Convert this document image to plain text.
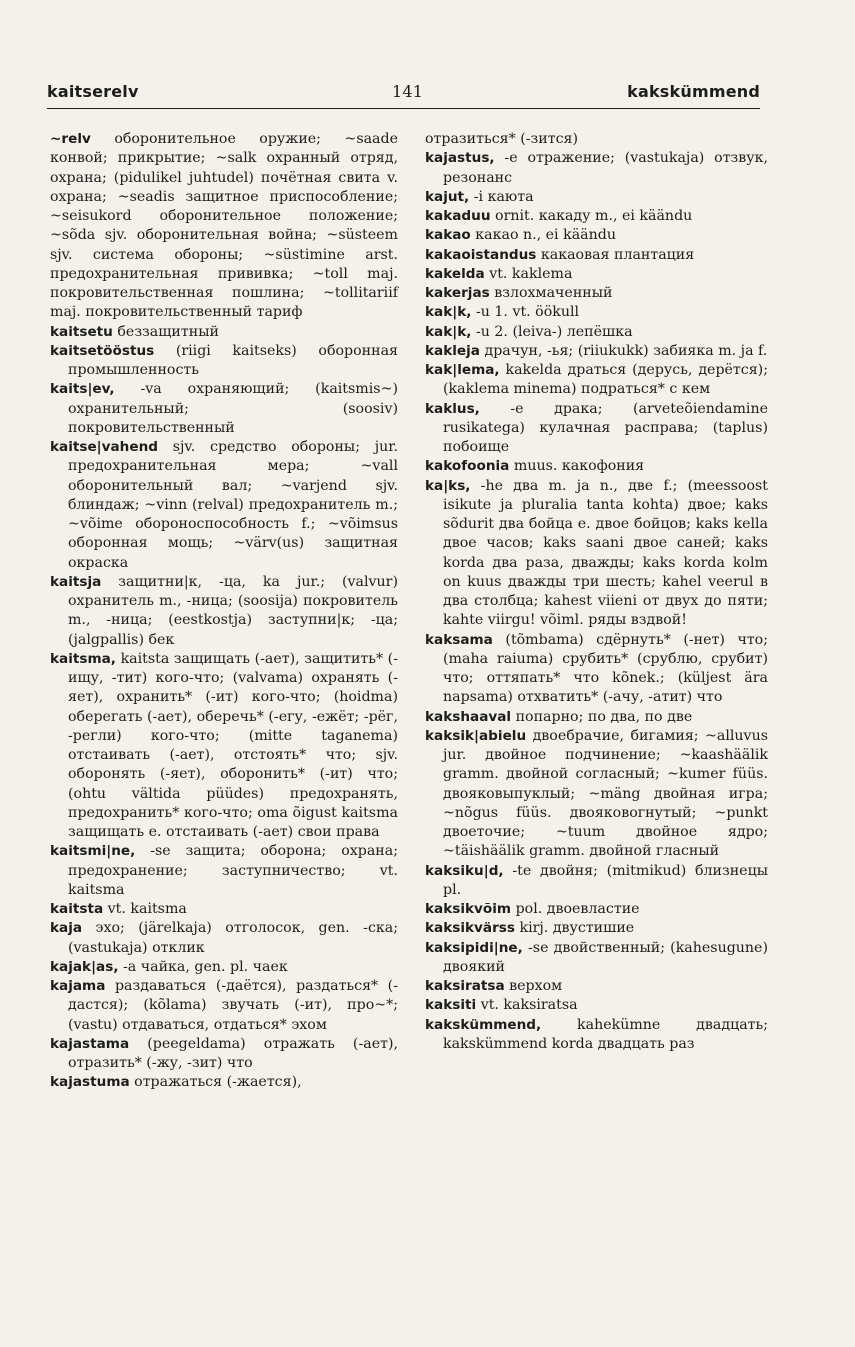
kaitserelv	141	kakskümmend

~relv оборонительное оружие; ~saade конвой; прикрытие; ~salk охранный отряд, охрана; (pidulikel juhtudel) почётная свита v. охрана; ~seadis защитное приспособление; ~seisukord оборонительное положение; ~sõda sjv. оборонительная война; ~süsteem sjv. система обороны; ~süstimine arst. предохранительная прививка; ~toll maj. покровительственная пошлина; ~tollitariif maj. покровительственный тариф

kaitsetu беззащитный

kaitsetööstus (riigi kaitseks) оборонная промышленность

kaits|ev, -va охраняющий; (kaitsmis~) охранительный; (soosiv) покровительственный

kaitse|vahend sjv. средство обороны; jur. предохранительная мера; ~vall оборонительный вал; ~varjend sjv. блиндаж; ~vinn (relval) предохранитель m.; ~võime обороноспособность f.; ~võimsus оборонная мощь; ~värv(us) защитная окраска

kaitsja защитни|к, -ца, ka jur.; (valvur) охранитель m., -ница; (soosija) покровитель m., -ница; (eestkostja) заступни|к; -ца; (jalgpallis) бек

kaitsma, kaitsta защищать (-ает), защитить* (-ищу, -тит) кого-что; (valvama) охранять (-яет), охранить* (-ит) кого-что; (hoidma) оберегать (-ает), оберечь* (-егу, -ежёт; -рёг, -регли) кого-что; (mitte taganema) отстаивать (-ает), отстоять* что; sjv. оборонять (-яет), оборонить* (-ит) что; (ohtu vältida püüdes) предохранять, предохранить* кого-что; oma õigust kaitsma защищать e. отстаивать (-ает) свои права

kaitsmi|ne, -se защита; оборона; охрана; предохранение; заступничество; vt. kaitsma

kaitsta vt. kaitsma

kaja эхо; (järelkaja) отголосок, gen. -ска; (vastukaja) отклик

kajak|as, -a чайка, gen. pl. чаек

kajama раздаваться (-даётся), раздаться* (-дастся); (kõlama) звучать (-ит), про~*; (vastu) отдаваться, отдаться* эхом

kajastama (peegeldama) отражать (-ает), отразить* (-жу, -зит) что

kajastuma отражаться (-жается),

отразиться* (-зится)

kajastus, -e отражение; (vastukaja) отзвук, резонанс

kajut, -i каюта

kakaduu ornit. какаду m., ei käändu

kakao какао n., ei käändu

kakaoistandus какаовая плантация

kakelda vt. kaklema

kakerjas взлохмаченный

kak|k, -u 1. vt. öökull

kak|k, -u 2. (leiva-) лепёшка

kakleja драчун, -ья; (riiukukk) забияка m. ja f.

kak|lema, kakelda драться (дерусь, дерётся); (kaklema minema) подраться* с кем

kaklus, -e драка; (arveteõiendamine rusikatega) кулачная расправа; (taplus) побоище

kakofoonia muus. какофония

ka|ks, -he два m. ja n., две f.; (meessoost isikute ja pluralia tanta kohta) двое; kaks sõdurit два бойца e. двое бойцов; kaks kella двое часов; kaks saani двое саней; kaks korda два раза, дважды; kaks korda kolm on kuus дважды три шесть; kahel veerul в два столбца; kahest viieni от двух до пяти; kahte viirgu! võiml. ряды вздвой!

kaksama (tõmbama) сдёрнуть* (-нет) что; (maha raiuma) срубить* (срублю, срубит) что; оттяпать* что kõnek.; (küljest ära napsama) отхватить* (-ачу, -атит) что

kakshaaval попарно; по два, по две

kaksik|abielu двоебрачие, бигамия; ~alluvus jur. двойное подчинение; ~kaashäälik gramm. двойной согласный; ~kumer füüs. двояковыпуклый; ~mäng двойная игра; ~nõgus füüs. двояковогнутый; ~punkt двоеточие; ~tuum двойное ядро; ~täishäälik gramm. двойной гласный

kaksiku|d, -te двойня; (mitmikud) близнецы pl.

kaksikvõim pol. двоевластие

kaksikvärss kirj. двустишие

kaksipidi|ne, -se двойственный; (kahesugune) двоякий

kaksiratsa верхом

kaksiti vt. kaksiratsa

kakskümmend,	kahekümne двадцать; kakskümmend korda двадцать раз
